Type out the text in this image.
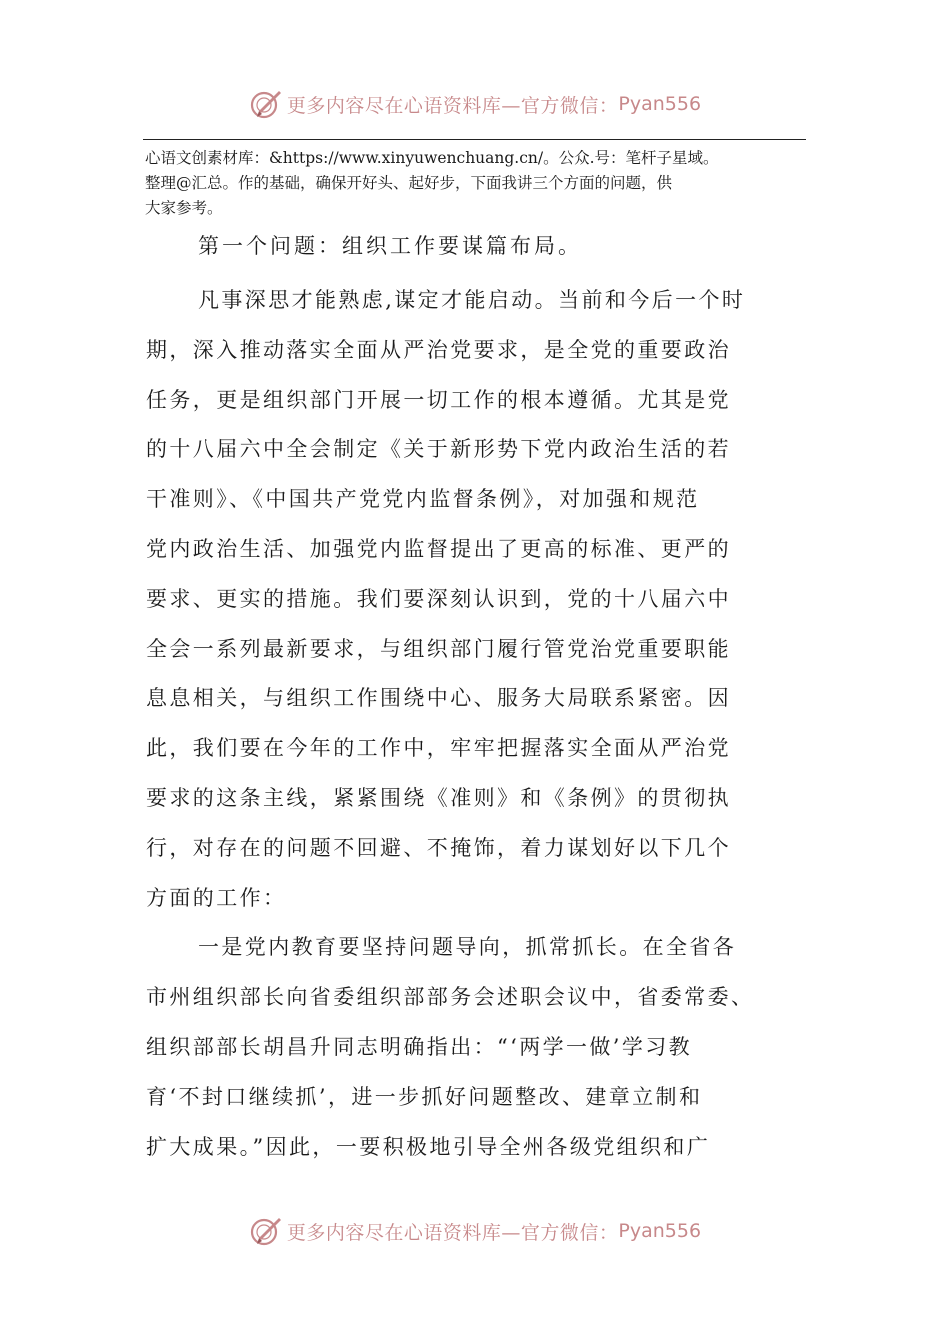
更多内容尽在心语资料库—官方微信： Pyan556
心语文创素材库：&https://www.xinyuwenchuang.cn/。公众.号：笔杆子星域。
整理@汇总。作的基础，确保开好头、起好步，下面我讲三个方面的问题，供
大家参考。
第一个问题：组织工作要谋篇布局。
凡事深思才能熟虑,谋定才能启动。当前和今后一个时
期，深入推动落实全面从严治党要求，是全党的重要政治
任务，更是组织部门开展一切工作的根本遵循。尤其是党
的十八届六中全会制定《关于新形势下党内政治生活的若
干准则》、《中国共产党党内监督条例》，对加强和规范
党内政治生活、加强党内监督提出了更高的标准、更严的
要求、更实的措施。我们要深刻认识到，党的十八届六中
全会一系列最新要求，与组织部门履行管党治党重要职能
息息相关，与组织工作围绕中心、服务大局联系紧密。因
此，我们要在今年的工作中，牢牢把握落实全面从严治党
要求的这条主线，紧紧围绕《准则》和《条例》的贯彻执
行，对存在的问题不回避、不掩饰，着力谋划好以下几个
方面的工作：
一是党内教育要坚持问题导向，抓常抓长。在全省各
市州组织部长向省委组织部部务会述职会议中，省委常委、
组织部部长胡昌升同志明确指出：“‘两学一做’学习教
育‘不封口继续抓’，进一步抓好问题整改、建章立制和
扩大成果。”因此，一要积极地引导全州各级党组织和广
更多内容尽在心语资料库—官方微信： Pyan556
